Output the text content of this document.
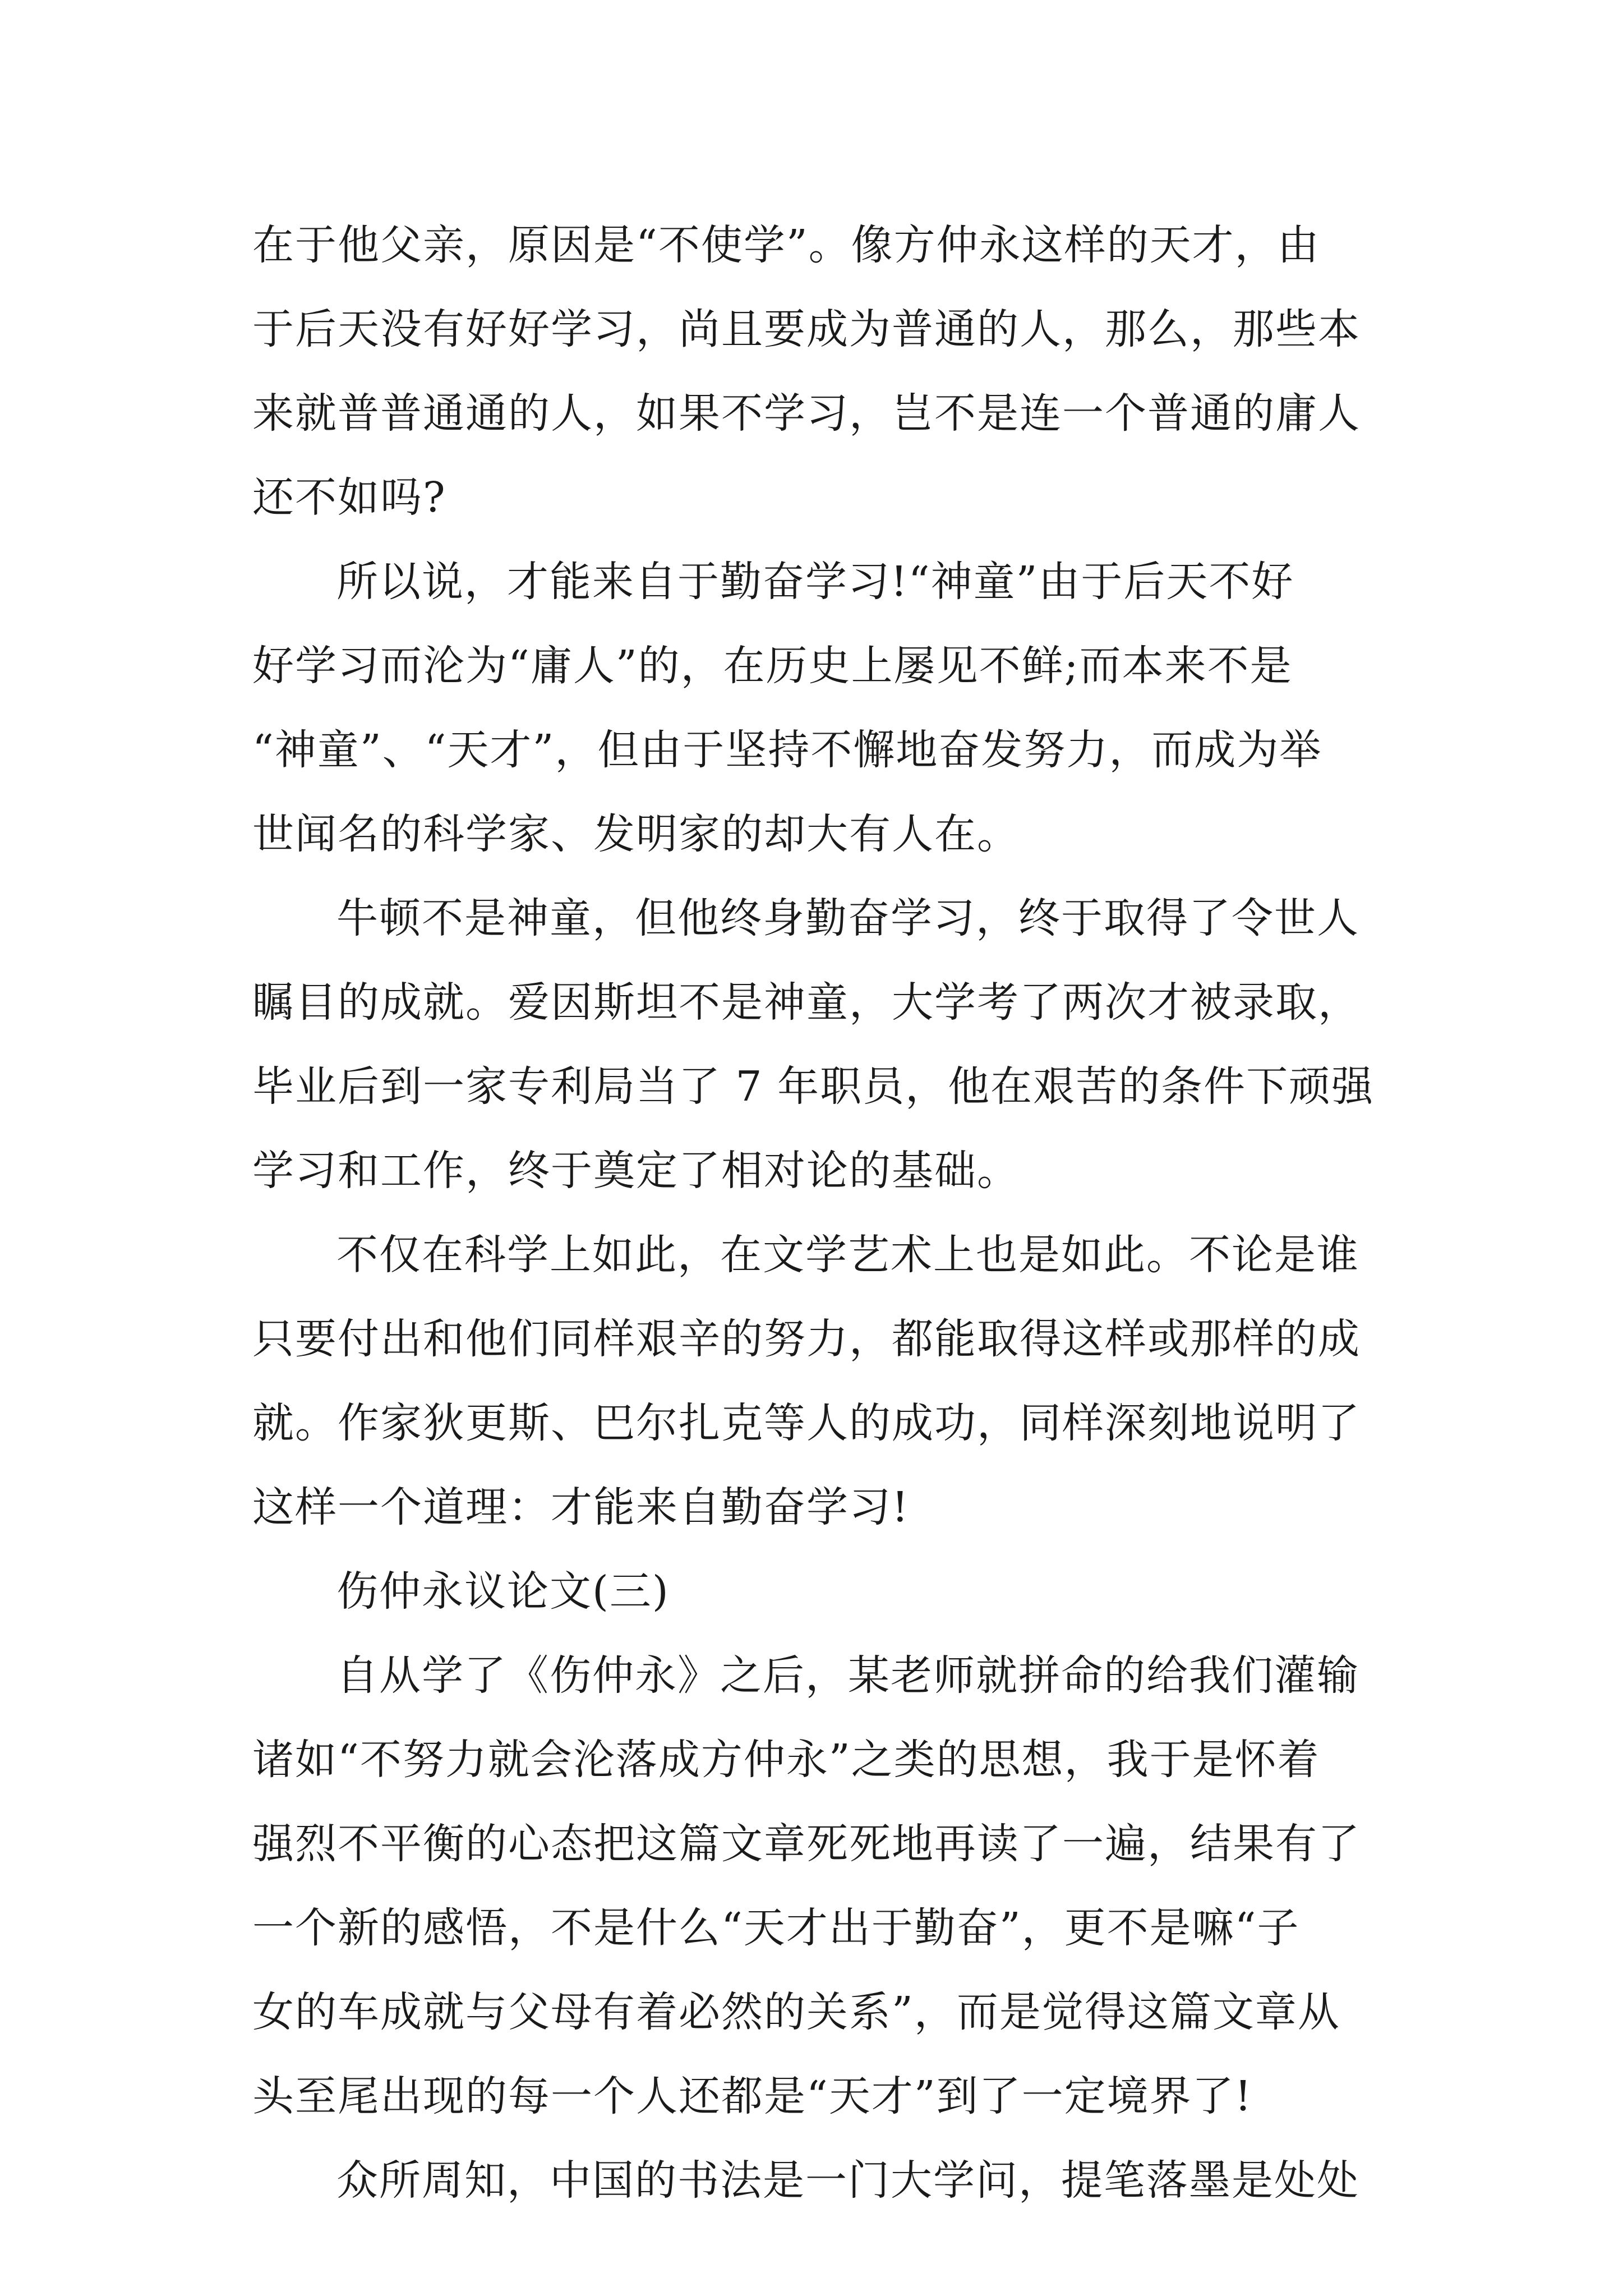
在于他父亲，原因是“不使学”。像方仲永这样的天才，由
于后天没有好好学习，尚且要成为普通的人，那么，那些本
来就普普通通的人，如果不学习，岂不是连一个普通的庸人
还不如吗?
所以说，才能来自于勤奋学习!“神童”由于后天不好
好学习而沦为“庸人”的，在历史上屡见不鲜;而本来不是
“神童”、“天才”，但由于坚持不懈地奋发努力，而成为举
世闻名的科学家、发明家的却大有人在。
牛顿不是神童，但他终身勤奋学习，终于取得了令世人
瞩目的成就。爱因斯坦不是神童，大学考了两次才被录取，
毕业后到一家专利局当了 7 年职员，他在艰苦的条件下顽强
学习和工作，终于奠定了相对论的基础。
不仅在科学上如此，在文学艺术上也是如此。不论是谁
只要付出和他们同样艰辛的努力，都能取得这样或那样的成
就。作家狄更斯、巴尔扎克等人的成功，同样深刻地说明了
这样一个道理：才能来自勤奋学习!
伤仲永议论文(三)
自从学了《伤仲永》之后，某老师就拼命的给我们灌输
诸如“不努力就会沦落成方仲永”之类的思想，我于是怀着
强烈不平衡的心态把这篇文章死死地再读了一遍，结果有了
一个新的感悟，不是什么“天才出于勤奋”，更不是嘛“子
女的车成就与父母有着必然的关系”，而是觉得这篇文章从
头至尾出现的每一个人还都是“天才”到了一定境界了!
众所周知，中国的书法是一门大学问，提笔落墨是处处
